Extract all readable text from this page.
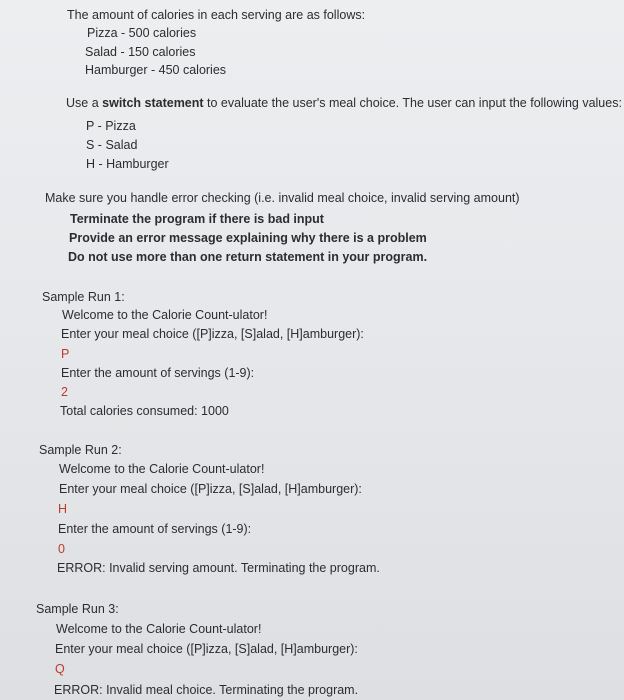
The amount of calories in each serving are as follows:
Pizza - 500 calories
Salad - 150 calories
Hamburger - 450 calories
Use a switch statement to evaluate the user's meal choice. The user can input the following values:
P - Pizza
S - Salad
H - Hamburger
Make sure you handle error checking (i.e. invalid meal choice, invalid serving amount)
Terminate the program if there is bad input
Provide an error message explaining why there is a problem
Do not use more than one return statement in your program.
Sample Run 1:
Welcome to the Calorie Count-ulator!
Enter your meal choice ([P]izza, [S]alad, [H]amburger):
P
Enter the amount of servings (1-9):
2
Total calories consumed: 1000
Sample Run 2:
Welcome to the Calorie Count-ulator!
Enter your meal choice ([P]izza, [S]alad, [H]amburger):
H
Enter the amount of servings (1-9):
0
ERROR: Invalid serving amount. Terminating the program.
Sample Run 3:
Welcome to the Calorie Count-ulator!
Enter your meal choice ([P]izza, [S]alad, [H]amburger):
Q
ERROR: Invalid meal choice. Terminating the program.
